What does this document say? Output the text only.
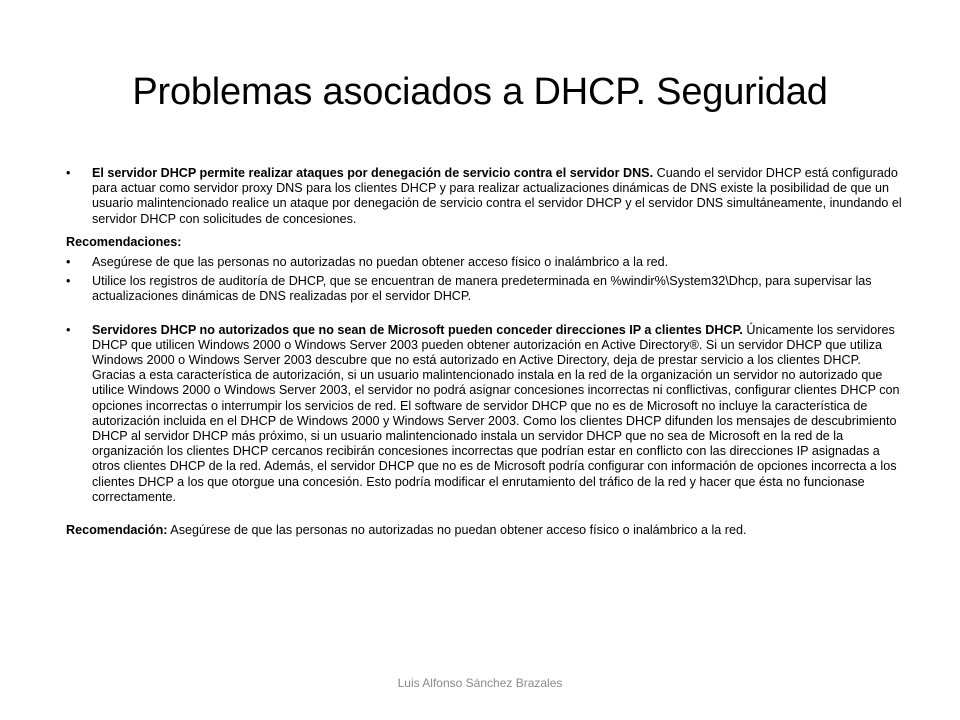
Problemas asociados a DHCP. Seguridad
•	El servidor DHCP permite realizar ataques por denegación de servicio contra el servidor DNS. Cuando el servidor DHCP está configurado para actuar como servidor proxy DNS para los clientes DHCP y para realizar actualizaciones dinámicas de DNS existe la posibilidad de que un usuario malintencionado realice un ataque por denegación de servicio contra el servidor DHCP y el servidor DNS simultáneamente, inundando el servidor DHCP con solicitudes de concesiones.
Recomendaciones:
•	Asegúrese de que las personas no autorizadas no puedan obtener acceso físico o inalámbrico a la red.
•	Utilice los registros de auditoría de DHCP, que se encuentran de manera predeterminada en %windir%\System32\Dhcp, para supervisar las actualizaciones dinámicas de DNS realizadas por el servidor DHCP.
•	Servidores DHCP no autorizados que no sean de Microsoft pueden conceder direcciones IP a clientes DHCP. Únicamente los servidores DHCP que utilicen Windows 2000 o Windows Server 2003 pueden obtener autorización en Active Directory®. Si un servidor DHCP que utiliza Windows 2000 o Windows Server 2003 descubre que no está autorizado en Active Directory, deja de prestar servicio a los clientes DHCP. Gracias a esta característica de autorización, si un usuario malintencionado instala en la red de la organización un servidor no autorizado que utilice Windows 2000 o Windows Server 2003, el servidor no podrá asignar concesiones incorrectas ni conflictivas, configurar clientes DHCP con opciones incorrectas o interrumpir los servicios de red. El software de servidor DHCP que no es de Microsoft no incluye la característica de autorización incluida en el DHCP de Windows 2000 y Windows Server 2003. Como los clientes DHCP difunden los mensajes de descubrimiento DHCP al servidor DHCP más próximo, si un usuario malintencionado instala un servidor DHCP que no sea de Microsoft en la red de la organización los clientes DHCP cercanos recibirán concesiones incorrectas que podrían estar en conflicto con las direcciones IP asignadas a otros clientes DHCP de la red. Además, el servidor DHCP que no es de Microsoft podría configurar con información de opciones incorrecta a los clientes DHCP a los que otorgue una concesión. Esto podría modificar el enrutamiento del tráfico de la red y hacer que ésta no funcionase correctamente.
Recomendación: Asegúrese de que las personas no autorizadas no puedan obtener acceso físico o inalámbrico a la red.
Luis Alfonso Sánchez Brazales
